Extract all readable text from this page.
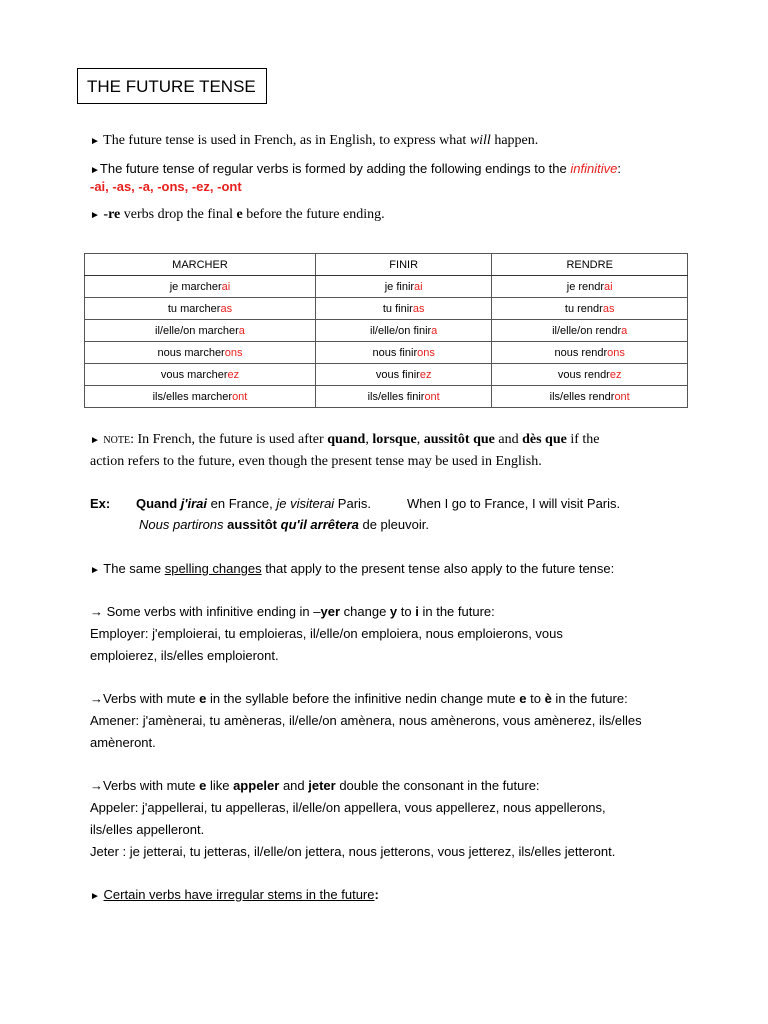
THE FUTURE TENSE
► The future tense is used in French, as in English, to express what will happen.
►The future tense of regular verbs is formed by adding the following endings to the infinitive:
-ai, -as, -a, -ons, -ez, -ont
► -re verbs drop the final e before the future ending.
MARCHER	FINIR	RENDRE
je marcherai	je finirai	je rendrai
tu marcheras	tu finiras	tu rendras
il/elle/on marchera	il/elle/on finira	il/elle/on rendra
nous marcherons	nous finirons	nous rendrons
vous marcherez	vous finirez	vous rendrez
ils/elles marcheront	ils/elles finiront	ils/elles rendront
► NOTE: In French, the future is used after quand, lorsque, aussitôt que and dès que if the
action refers to the future, even though the present tense may be used in English.
Ex: Quand j'irai en France, je visiterai Paris.	When I go to France, I will visit Paris.
Nous partirons aussitôt qu'il arrêtera de pleuvoir.
► The same spelling changes that apply to the present tense also apply to the future tense:
→ Some verbs with infinitive ending in –yer change y to i in the future:
Employer: j'emploierai, tu emploieras, il/elle/on emploiera, nous emploierons, vous
emploierez, ils/elles emploieront.
→Verbs with mute e in the syllable before the infinitive nedin change mute e to è in the future:
Amener: j'amènerai, tu amèneras, il/elle/on amènera, nous amènerons, vous amènerez, ils/elles
amèneront.
→Verbs with mute e like appeler and jeter double the consonant in the future:
Appeler: j'appellerai, tu appelleras, il/elle/on appellera, vous appellerez, nous appellerons,
ils/elles appelleront.
Jeter : je jetterai, tu jetteras, il/elle/on jettera, nous jetterons, vous jetterez, ils/elles jetteront.
► Certain verbs have irregular stems in the future:
